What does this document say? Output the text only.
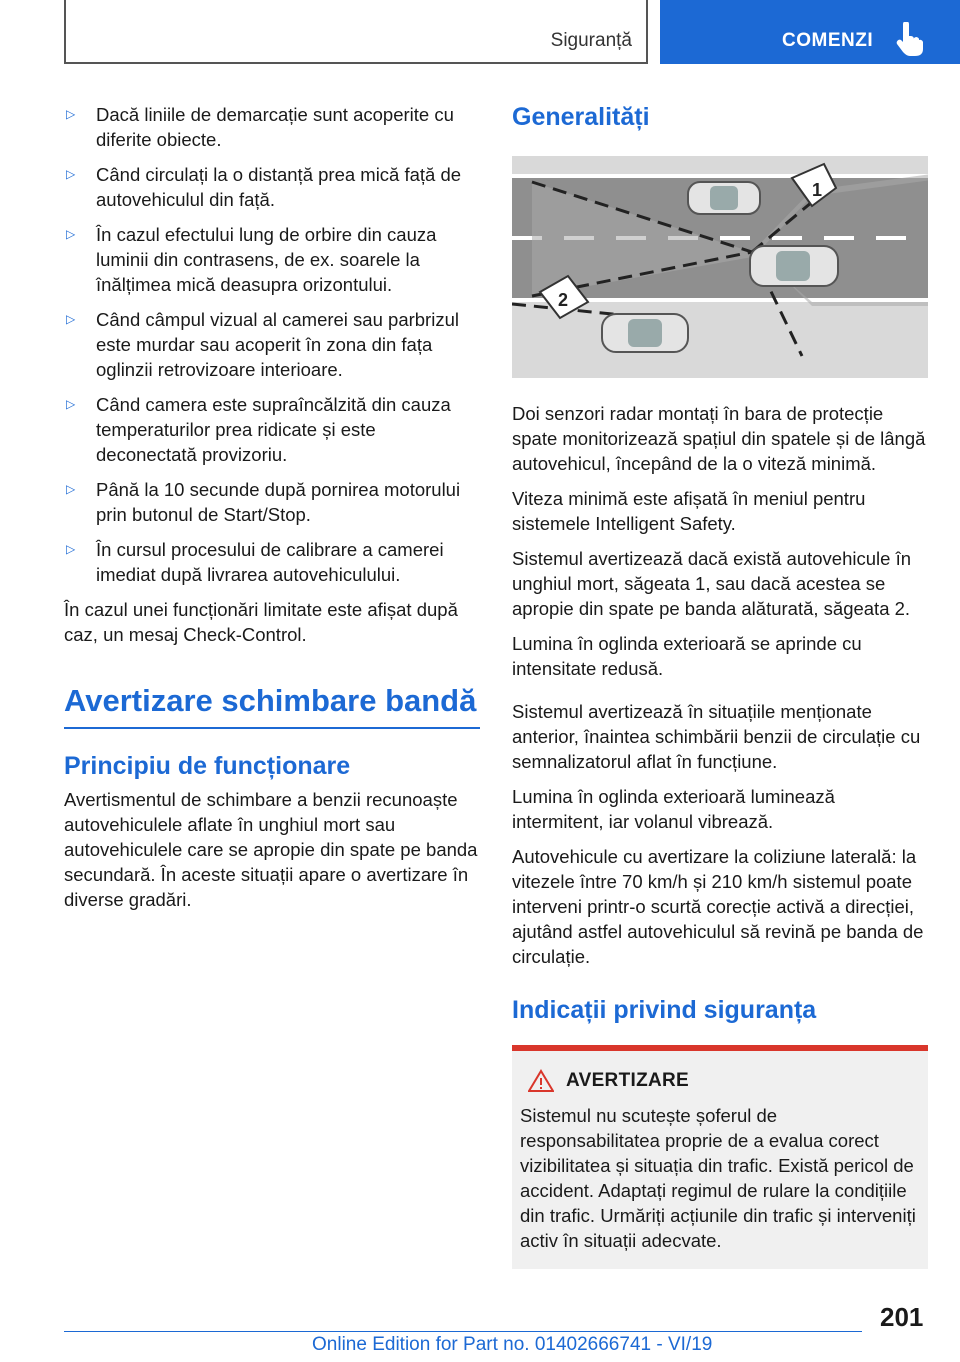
Siguranță	COMENZI
▷	Dacă liniile de demarcație sunt acoperite cu diferite obiecte.
▷	Când circulați la o distanță prea mică față de autovehiculul din față.
▷	În cazul efectului lung de orbire din cauza luminii din contrasens, de ex. soarele la înălțimea mică deasupra orizontului.
▷	Când câmpul vizual al camerei sau parbrizul este murdar sau acoperit în zona din fața oglinzii retrovizoare interioare.
▷	Când camera este supraîncălzită din cauza temperaturilor prea ridicate și este deconectată provizoriu.
▷	Până la 10 secunde după pornirea motorului prin butonul de Start/Stop.
▷	În cursul procesului de calibrare a camerei imediat după livrarea autovehiculului.

În cazul unei funcționări limitate este afișat după caz, un mesaj Check-Control.

Avertizare schimbare bandă
Principiu de funcționare

Avertismentul de schimbare a benzii recunoaște autovehiculele aflate în unghiul mort sau autovehiculele care se apropie din spate pe banda secundară. În aceste situații apare o avertizare în diverse gradări.

Generalități
1
2

Doi senzori radar montați în bara de protecție spate monitorizează spațiul din spatele și de lângă autovehicul, începând de la o viteză minimă.

Viteza minimă este afișată în meniul pentru sistemele Intelligent Safety.

Sistemul avertizează dacă există autovehicule în unghiul mort, săgeata 1, sau dacă acestea se apropie din spate pe banda alăturată, săgeata 2.

Lumina în oglinda exterioară se aprinde cu intensitate redusă.

Sistemul avertizează în situațiile menționate anterior, înaintea schimbării benzii de circulație cu semnalizatorul aflat în funcțiune.

Lumina în oglinda exterioară luminează intermitent, iar volanul vibrează.

Autovehicule cu avertizare la coliziune laterală: la vitezele între 70 km/h și 210 km/h sistemul poate interveni printr-o scurtă corecție activă a direcției, ajutând astfel autovehiculul să revină pe banda de circulație.

Indicații privind siguranța
AVERTIZARE

Sistemul nu scutește șoferul de responsabilitatea proprie de a evalua corect vizibilitatea și situația din trafic. Există pericol de accident. Adaptați regimul de rulare la condițiile din trafic. Urmăriți acțiunile din trafic și interveniți activ în situații adecvate.

201
Online Edition for Part no. 01402666741 - VI/19
